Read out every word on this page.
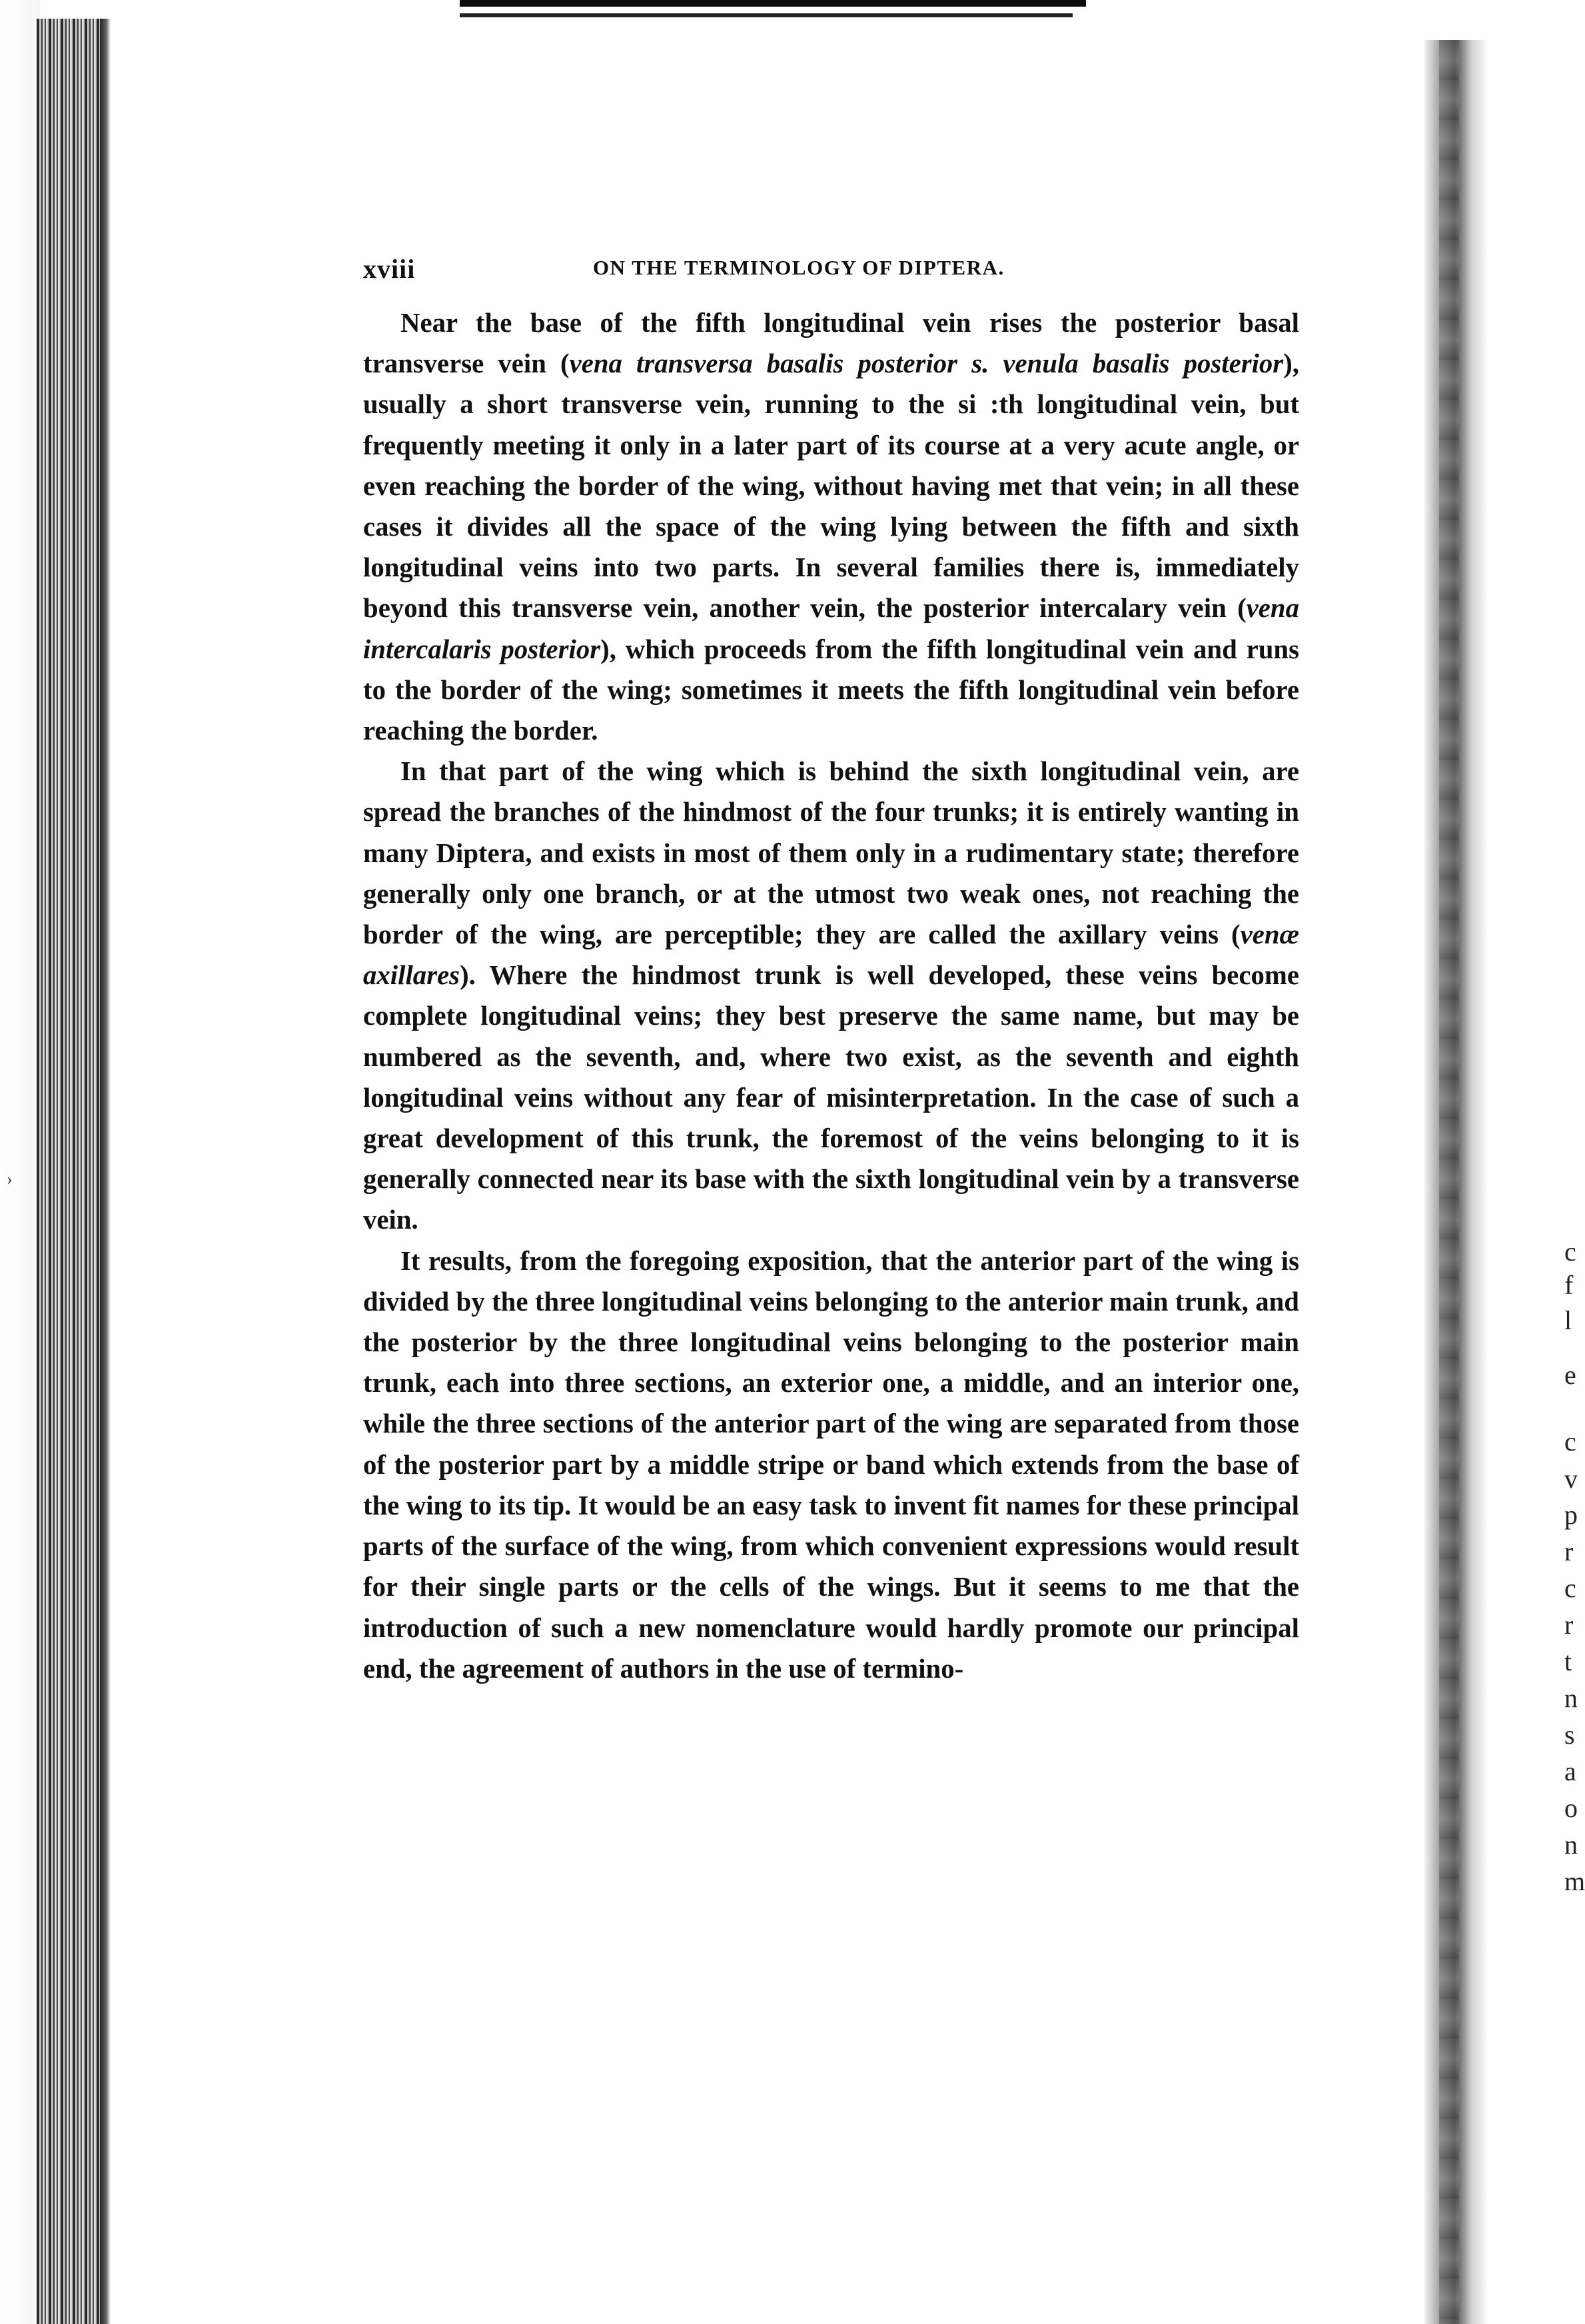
›
c
f
l
e
c
v
p
r
c
r
t
n
s
a
o
n
m
xviii	ON THE TERMINOLOGY OF DIPTERA.

Near the base of the fifth longitudinal vein rises the posterior basal transverse vein (vena transversa basalis posterior s. venula basalis posterior), usually a short transverse vein, running to the si :th longitudinal vein, but frequently meeting it only in a later part of its course at a very acute angle, or even reaching the border of the wing, without having met that vein; in all these cases it divides all the space of the wing lying between the fifth and sixth longitudinal veins into two parts. In several families there is, immediately beyond this transverse vein, another vein, the posterior intercalary vein (vena intercalaris posterior), which proceeds from the fifth longitudinal vein and runs to the border of the wing; sometimes it meets the fifth longitudinal vein before reaching the border.

In that part of the wing which is behind the sixth longitudinal vein, are spread the branches of the hindmost of the four trunks; it is entirely wanting in many Diptera, and exists in most of them only in a rudimentary state; therefore generally only one branch, or at the utmost two weak ones, not reaching the border of the wing, are perceptible; they are called the axillary veins (venæ axillares). Where the hindmost trunk is well developed, these veins become complete longitudinal veins; they best preserve the same name, but may be numbered as the seventh, and, where two exist, as the seventh and eighth longitudinal veins without any fear of misinterpretation. In the case of such a great development of this trunk, the foremost of the veins belonging to it is generally connected near its base with the sixth longitudinal vein by a transverse vein.

It results, from the foregoing exposition, that the anterior part of the wing is divided by the three longitudinal veins belonging to the anterior main trunk, and the posterior by the three longitudinal veins belonging to the posterior main trunk, each into three sections, an exterior one, a middle, and an interior one, while the three sections of the anterior part of the wing are separated from those of the posterior part by a middle stripe or band which extends from the base of the wing to its tip. It would be an easy task to invent fit names for these principal parts of the surface of the wing, from which convenient expressions would result for their single parts or the cells of the wings. But it seems to me that the introduction of such a new nomenclature would hardly promote our principal end, the agreement of authors in the use of termino-
